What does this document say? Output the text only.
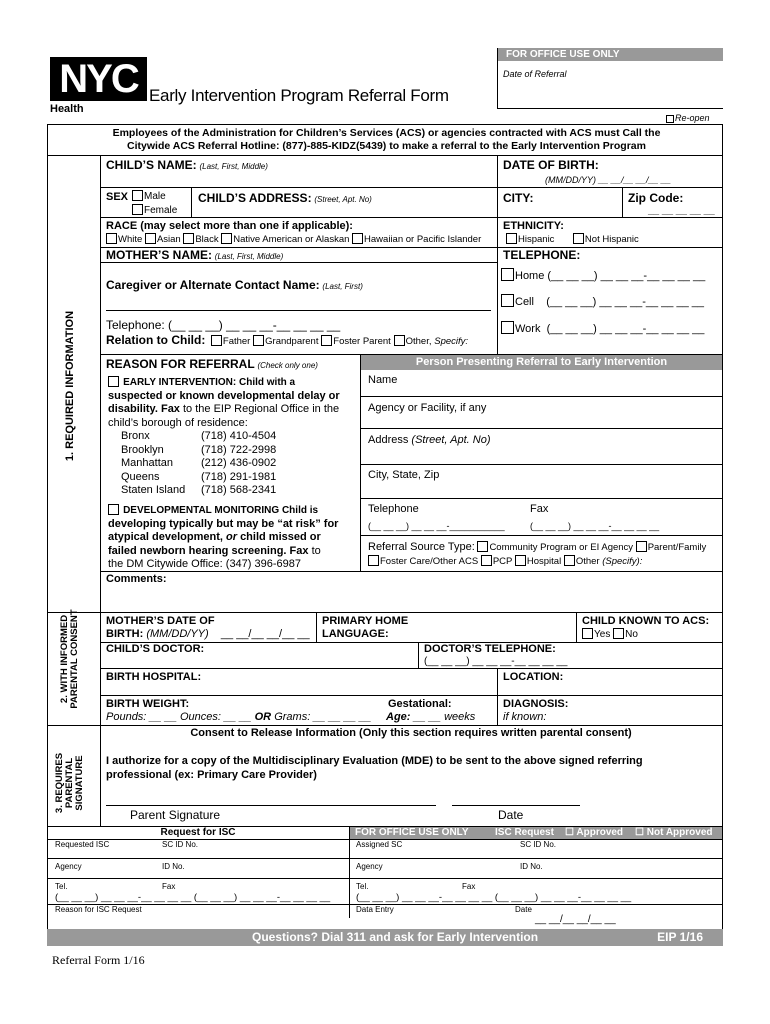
FOR OFFICE USE ONLY
Date of Referral
NYC
Health
Early Intervention Program Referral Form
Re-open
Employees of the Administration for Children’s Services (ACS) or agencies contracted with ACS must Call the
Citywide ACS Referral Hotline: (877)-885-KIDZ(5439) to make a referral to the Early Intervention Program
1. REQUIRED INFORMATION
CHILD’S NAME: (Last, First, Middle)	DATE OF BIRTH:
(MM/DD/YY) __ __/__ __/__ __
SEX	Male
Female
CHILD’S ADDRESS: (Street, Apt. No)	CITY:	Zip Code:
__ __ __ __ __
RACE (may select more than one if applicable):
White Asian Black Native American or Alaskan Hawaiian or Pacific Islander
ETHNICITY:
Hispanic	Not Hispanic
MOTHER’S NAME: (Last, First, Middle)	TELEPHONE:
Home (__ __ __) __ __ __-__ __ __ __
Caregiver or Alternate Contact Name: (Last, First)
Cell (__ __ __) __ __ __-__ __ __ __
Work (__ __ __) __ __ __-__ __ __ __
Telephone: (__ __ __) __ __ __-__ __ __ __
Relation to Child: Father Grandparent Foster Parent Other, Specify:
REASON FOR REFERRAL (Check only one)	Person Presenting Referral to Early Intervention
EARLY INTERVENTION: Child with a
suspected or known developmental delay or
disability. Fax to the EIP Regional Office in the
child’s borough of residence:
Bronx	(718) 410-4504
Brooklyn	(718) 722-2998
Manhattan	(212) 436-0902
Queens	(718) 291-1981
Staten Island (718) 568-2341
DEVELOPMENTAL MONITORING Child is
developing typically but may be “at risk” for
atypical development, or child missed or
failed newborn hearing screening. Fax to
the DM Citywide Office: (347) 396-6987
Name
Agency or Facility, if any
Address (Street, Apt. No)
City, State, Zip
Telephone	Fax
(__ __ __) __ __ __-___________	(__ __ __) __ __ __-__ __ __ __
Referral Source Type: Community Program or EI Agency Parent/Family
Foster Care/Other ACS PCP Hospital Other (Specify):
Comments:
2. WITH INFORMED PARENTAL CONSENT MOTHER’S DATE OF
BIRTH: (MM/DD/YY) __ __/__ __/__ __
PRIMARY HOME
LANGUAGE:
CHILD KNOWN TO ACS:
Yes No
CHILD’S DOCTOR:	DOCTOR’S TELEPHONE:
(__ __ __) __ __ __-__ __ __ __
BIRTH HOSPITAL:	LOCATION:
BIRTH WEIGHT:
Pounds: __ __ Ounces: __ __ OR Grams: __ __ __ __
Gestational:
Age: __ __ weeks
DIAGNOSIS:
if known:
3. REQUIRES PARENTAL SIGNATURE
Consent to Release Information (Only this section requires written parental consent)
I authorize for a copy of the Multidisciplinary Evaluation (MDE) to be sent to the above signed referring
professional (ex: Primary Care Provider)
Parent Signature	Date
Request for ISC	FOR OFFICE USE ONLY	ISC Request ☐ Approved ☐ Not Approved
Requested ISC	SC ID No.	Assigned SC	SC ID No.
Agency	ID No.	Agency	ID No.
Tel.	Fax	Tel.	Fax
(__ __ __) __ __ __-__ __ __ __ (__ __ __) __ __ __-__ __ __ __	(__ __ __) __ __ __-__ __ __ __ (__ __ __) __ __ __-__ __ __ __
Reason for ISC Request	Data Entry	Date
__ __/__ __/__ __
Questions? Dial 311 and ask for Early Intervention	EIP 1/16
Referral Form 1/16
